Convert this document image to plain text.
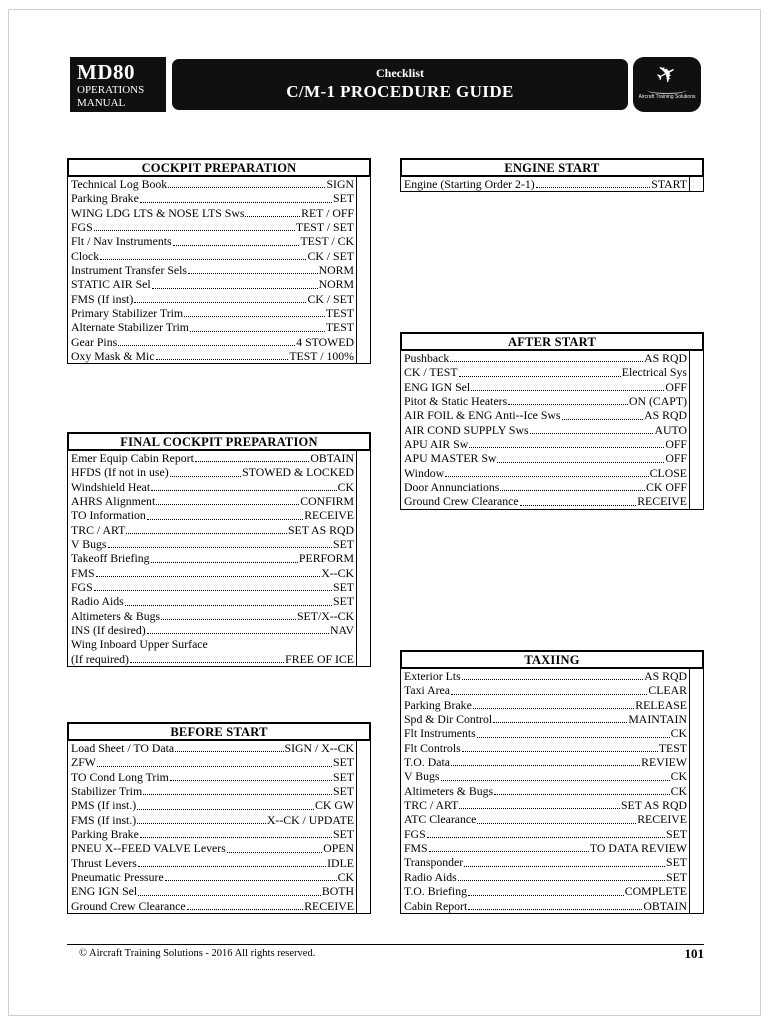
MD80
OPERATIONS
MANUAL
Checklist
C/M-1 PROCEDURE GUIDE
✈
Aircraft Training Solutions
COCKPIT PREPARATION
Technical Log Book	SIGN
Parking Brake	SET
WING LDG LTS & NOSE LTS Sws	RET / OFF
FGS	TEST / SET
Flt / Nav Instruments	TEST / CK
Clock	CK / SET
Instrument Transfer Sels	NORM
STATIC AIR Sel	NORM
FMS (If inst)	CK / SET
Primary Stabilizer Trim	TEST
Alternate Stabilizer Trim	TEST
Gear Pins	4 STOWED
Oxy Mask & Mic	TEST / 100%
FINAL COCKPIT PREPARATION
Emer Equip Cabin Report	OBTAIN
HFDS (If not in use)	STOWED & LOCKED
Windshield Heat	CK
AHRS Alignment	CONFIRM
TO Information	RECEIVE
TRC / ART	SET AS RQD
V Bugs	SET
Takeoff Briefing	PERFORM
FMS	X--CK
FGS	SET
Radio Aids	SET
Altimeters & Bugs	SET/X--CK
INS (If desired)	NAV
Wing Inboard Upper Surface
(If required)	FREE OF ICE
BEFORE START
Load Sheet / TO Data	SIGN / X--CK
ZFW	SET
TO Cond Long Trim	SET
Stabilizer Trim	SET
PMS (If inst.)	CK GW
FMS (If inst.)	X--CK / UPDATE
Parking Brake	SET
PNEU X--FEED VALVE Levers	OPEN
Thrust Levers	IDLE
Pneumatic Pressure	CK
ENG IGN Sel	BOTH
Ground Crew Clearance	RECEIVE
ENGINE START
Engine (Starting Order 2-1)	START
AFTER START
Pushback	AS RQD
CK / TEST	Electrical Sys
ENG IGN Sel	OFF
Pitot & Static Heaters	ON (CAPT)
AIR FOIL & ENG Anti--Ice Sws	AS RQD
AIR COND SUPPLY Sws	AUTO
APU AIR Sw	OFF
APU MASTER Sw	OFF
Window	CLOSE
Door Annunciations	CK OFF
Ground Crew Clearance	RECEIVE
TAXIING
Exterior Lts	AS RQD
Taxi Area	CLEAR
Parking Brake	RELEASE
Spd & Dir Control	MAINTAIN
Flt Instruments	CK
Flt Controls	TEST
T.O. Data	REVIEW
V Bugs	CK
Altimeters & Bugs	CK
TRC / ART	SET AS RQD
ATC Clearance	RECEIVE
FGS	SET
FMS	TO DATA REVIEW
Transponder	SET
Radio Aids	SET
T.O. Briefing	COMPLETE
Cabin Report	OBTAIN
© Aircraft Training Solutions - 2016 All rights reserved.	101
